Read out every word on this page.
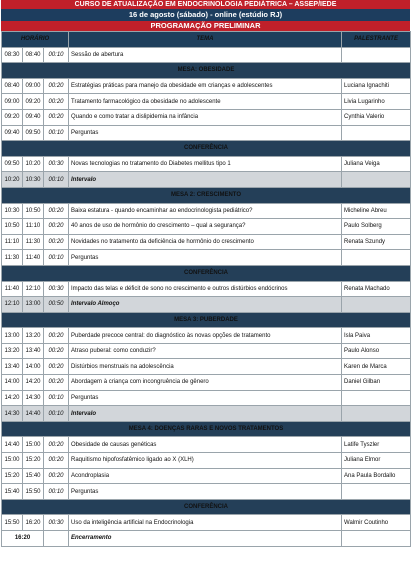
CURSO DE ATUALIZAÇÃO EM ENDOCRINOLOGIA PEDIÁTRICA – ASSEP/IEDE
16 de agosto (sábado) - online (estúdio RJ)
PROGRAMAÇÃO PRELIMINAR
HORÁRIO			TEMA	PALESTRANTE
08:30	08:40	00:10	Sessão de abertura	
MESA: OBESIDADE				
08:40	09:00	00:20	Estratégias práticas para manejo da obesidade em crianças e adolescentes	Luciana Ignachiti
09:00	09:20	00:20	Tratamento farmacológico da obesidade no adolescente	Livia Lugarinho
09:20	09:40	00:20	Quando e como tratar a dislipidemia na infância	Cynthia Valerio
09:40	09:50	00:10	Perguntas	
CONFERÊNCIA				
09:50	10:20	00:30	Novas tecnologias no tratamento do Diabetes mellitus tipo 1	Juliana Veiga
10:20	10:30	00:10	Intervalo	
MESA 2: CRESCIMENTO				
10:30	10:50	00:20	Baixa estatura - quando encaminhar ao endocrinologista pediátrico?	Micheline Abreu
10:50	11:10	00:20	40 anos de uso de hormônio do crescimento – qual a segurança?	Paulo Solberg
11:10	11:30	00:20	Novidades no tratamento da deficiência de hormônio do crescimento	Renata Szundy
11:30	11:40	00:10	Perguntas	
CONFERÊNCIA				
11:40	12:10	00:30	Impacto das telas e déficit de sono no crescimento e outros distúrbios endócrinos	Renata Machado
12:10	13:00	00:50	Intervalo Almoço	
MESA 3: PUBERDADE				
13:00	13:20	00:20	Puberdade precoce central: do diagnóstico às novas opções de tratamento	Isla Paiva
13:20	13:40	00:20	Atraso puberal: como conduzir?	Paulo Alonso
13:40	14:00	00:20	Distúrbios menstruais na adolescência	Karen de Marca
14:00	14:20	00:20	Abordagem à criança com incongruência de gênero	Daniel Gilban
14:20	14:30	00:10	Perguntas	
14:30	14:40	00:10	Intervalo	
MESA 4: DOENÇAS RARAS E NOVOS TRATAMENTOS				
14:40	15:00	00:20	Obesidade de causas genéticas	Latife Tyszler
15:00	15:20	00:20	Raquitismo hipofosfatêmico ligado ao X (XLH)	Juliana Elmor
15:20	15:40	00:20	Acondroplasia	Ana Paula Bordallo
15:40	15:50	00:10	Perguntas	
CONFERÊNCIA				
15:50	16:20	00:30	Uso da inteligência artificial na Endocrinologia	Walmir Coutinho
16:20			Encerramento	
